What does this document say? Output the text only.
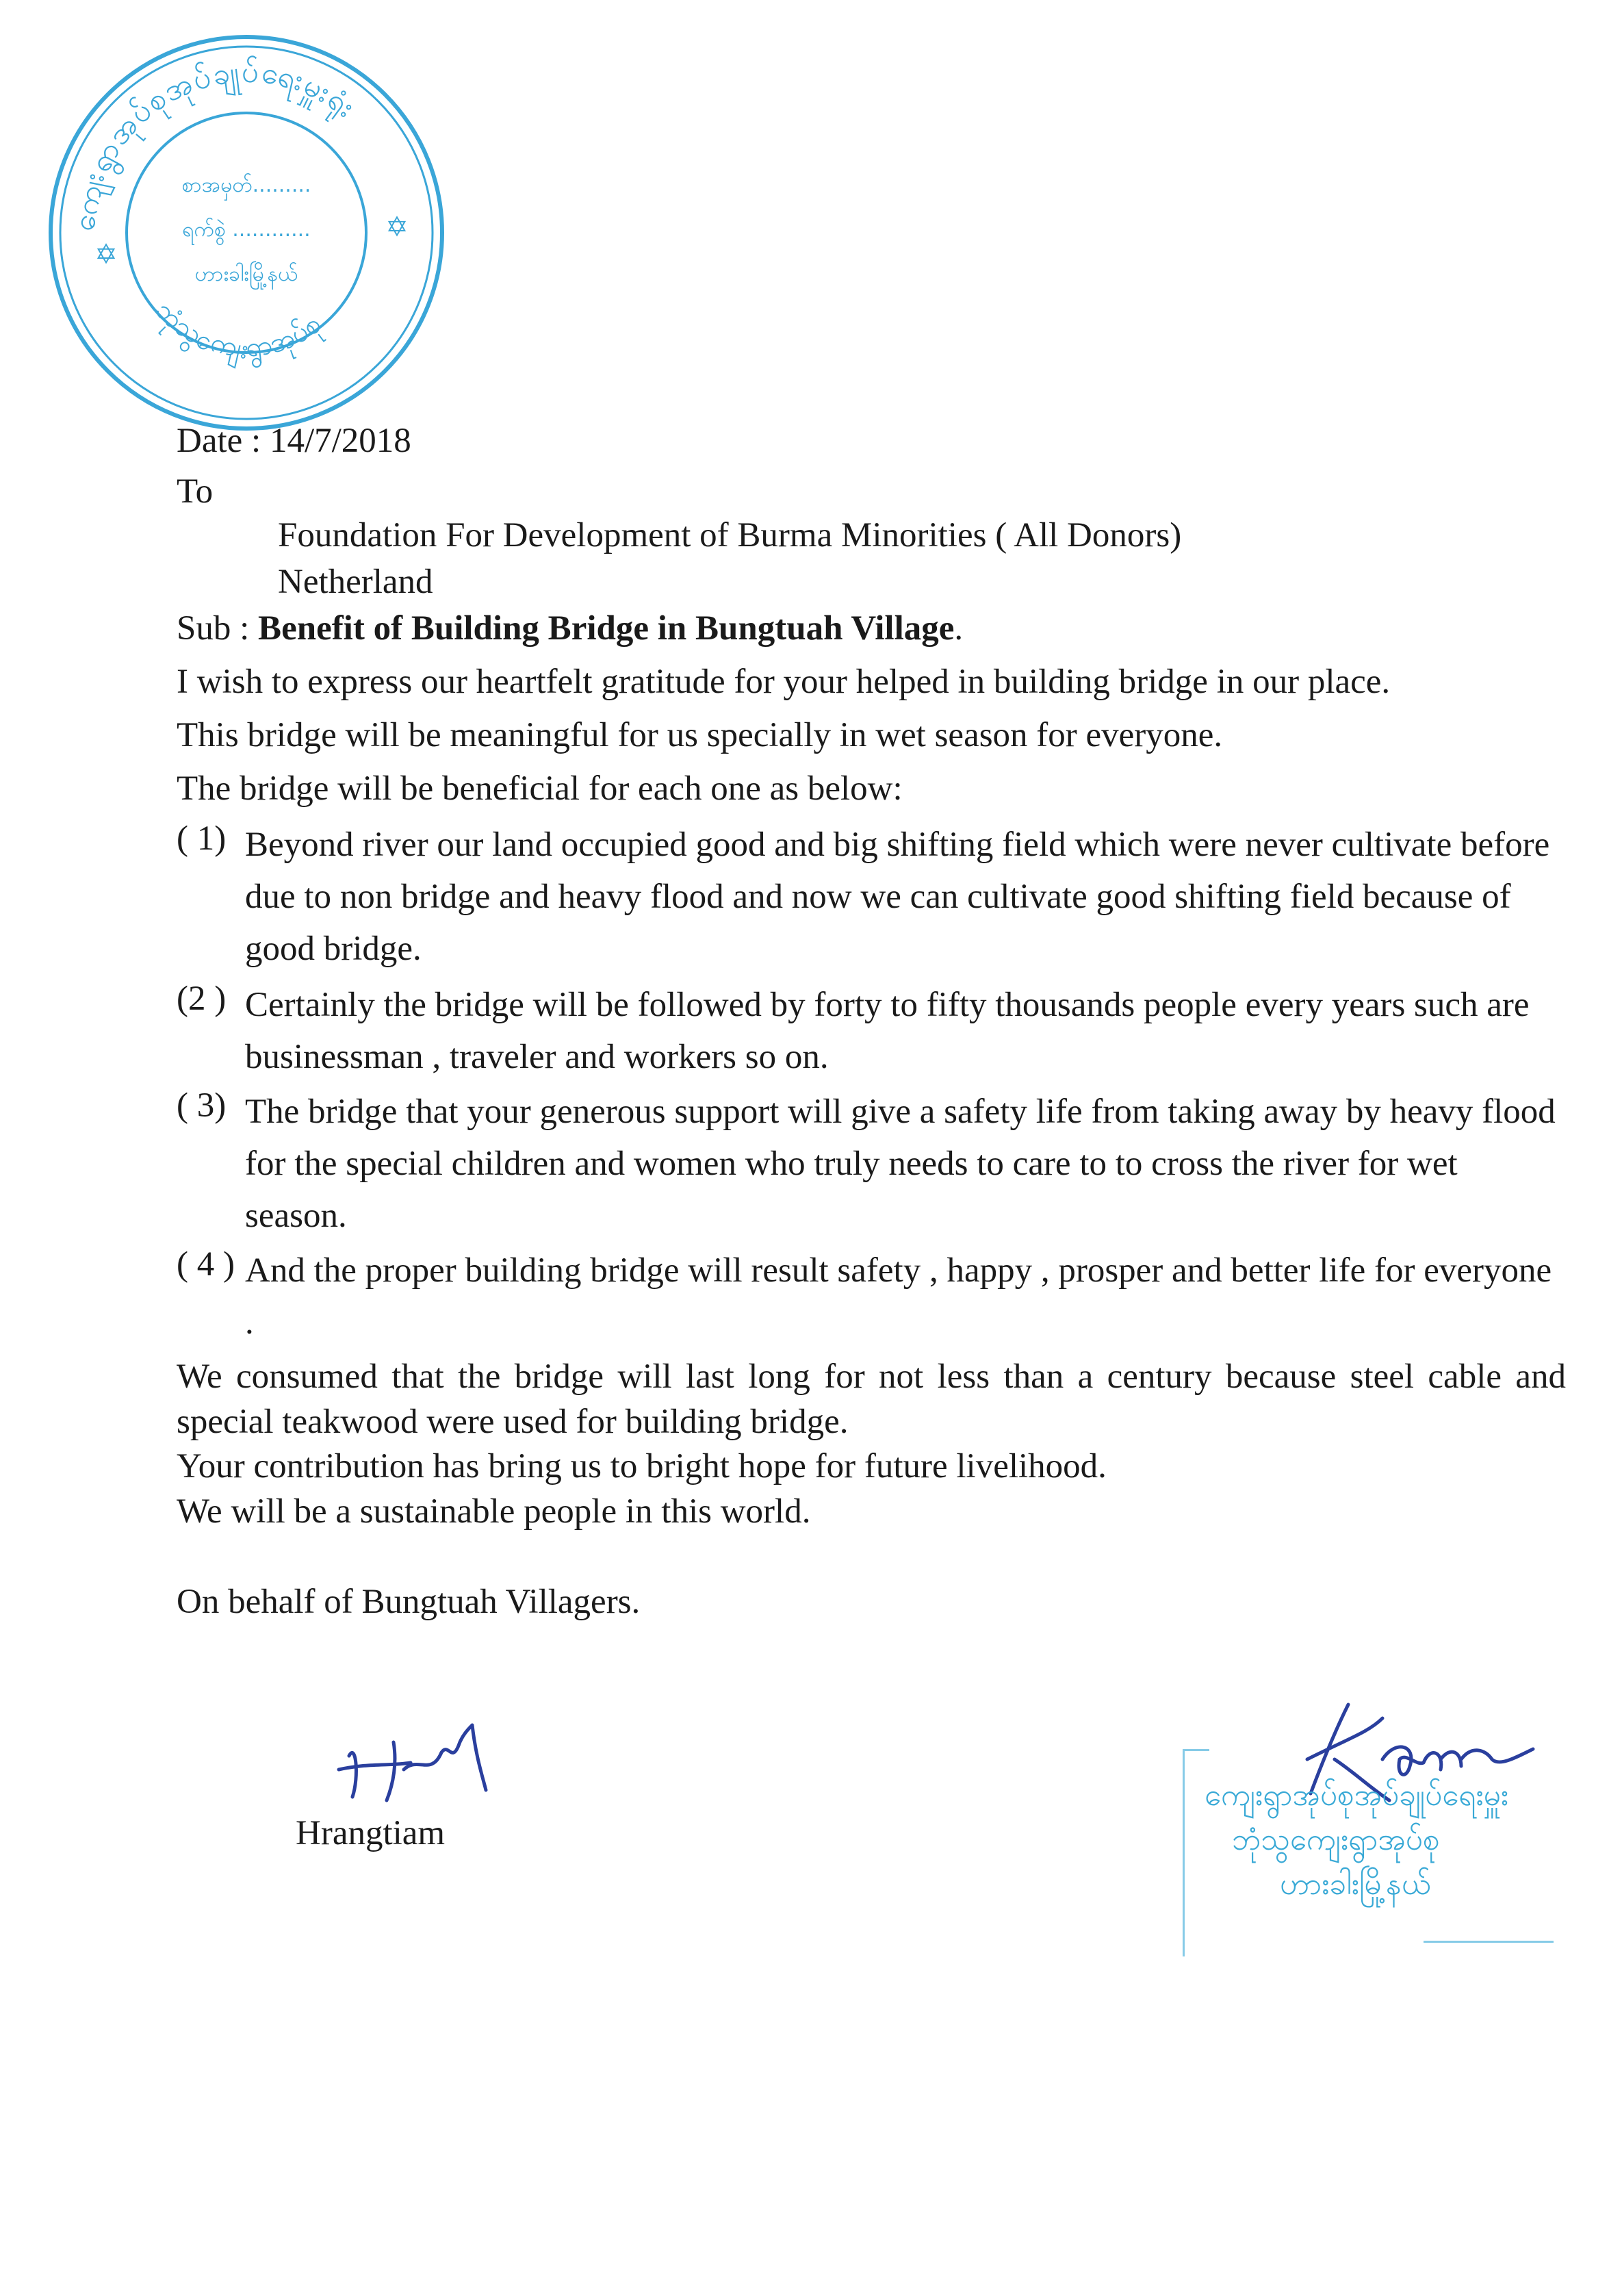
ကျေးရွာအုပ်စုအုပ်ချုပ်ရေးမှူးရုံး
ဘုံသွကျေးရွာအုပ်စု
စာအမှတ်.........
ရက်စွဲ ............
ဟားခါးမြို့နယ်
✡
✡
Date : 14/7/2018
To
Foundation For Development of Burma Minorities ( All Donors)
Netherland
Sub : Benefit of Building Bridge in Bungtuah Village.
I wish to express our heartfelt gratitude for your helped in building bridge in our place.
This bridge will be meaningful for us specially in wet season for everyone.
The bridge will be beneficial for each one as below:
( 1) Beyond river our land occupied good and big shifting field which were never cultivate before due to non bridge and heavy flood and now we can cultivate good shifting field because of good bridge.
(2 ) Certainly the bridge will be followed by forty to fifty thousands people every years such are businessman , traveler and workers so on.
( 3) The bridge that your generous support will give a safety life from taking away by heavy flood for the special children and women who truly needs to care to to cross the river for wet season.
( 4 ) And the proper building bridge will result safety , happy , prosper and better life for everyone .
We consumed that the bridge will last long for not less than a century because steel cable and special teakwood were used for building bridge.
Your contribution has bring us to bright hope for future livelihood.
We will be a sustainable people in this world.
On behalf of Bungtuah Villagers.
Hrangtiam
ကျေးရွာအုပ်စုအုပ်ချုပ်ရေးမှူး
ဘုံသွကျေးရွာအုပ်စု
ဟားခါးမြို့နယ်
